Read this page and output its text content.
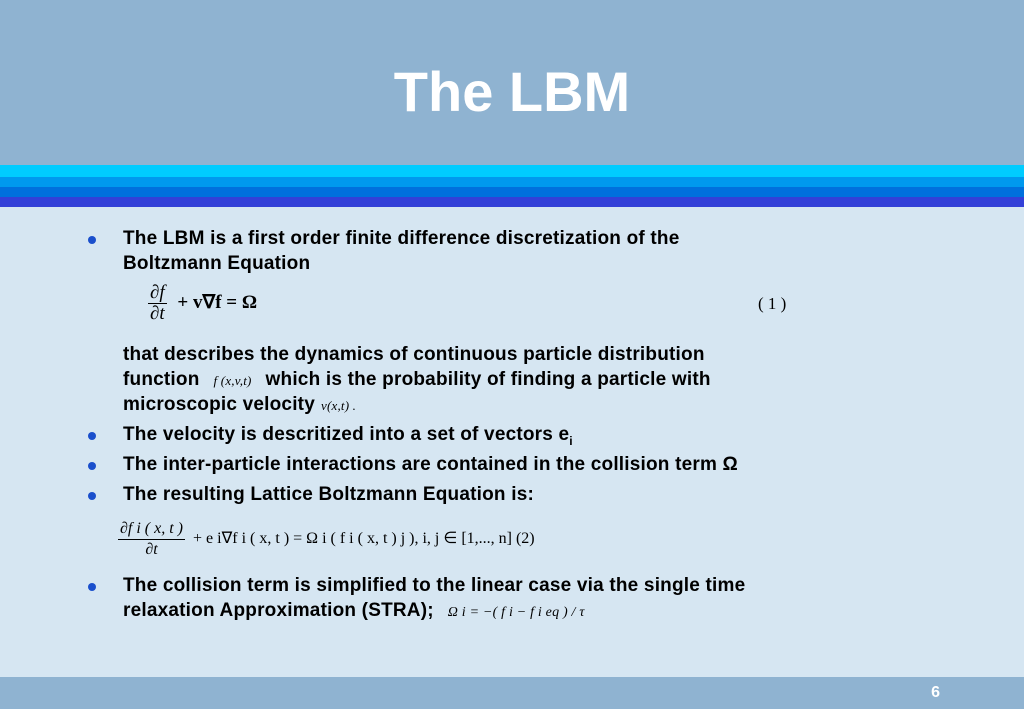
The LBM
The LBM is a first order finite difference discretization of the
Boltzmann Equation
$\frac{\partial f}{\partial t} + v\nabla f = \Omega$	( 1 )
that describes the dynamics of continuous particle distribution
function f (x,v,t) which is the probability of finding a particle with
microscopic velocity v(x,t) .
The velocity is descritized into a set of vectors $e_i$
The inter-particle interactions are contained in the collision term Ω
The resulting Lattice Boltzmann Equation is:
$\frac{\text{∂f i ( x, t )}}{\partial t} + e$ i∇f i ( x, t ) = Ω i ( f i ( x, t ) j ), i, j ∈ [1,..., n] (2)
The collision term is simplified to the linear case via the single time
relaxation Approximation (STRA); Ω i = −( f i − f i eq ) / τ
6
